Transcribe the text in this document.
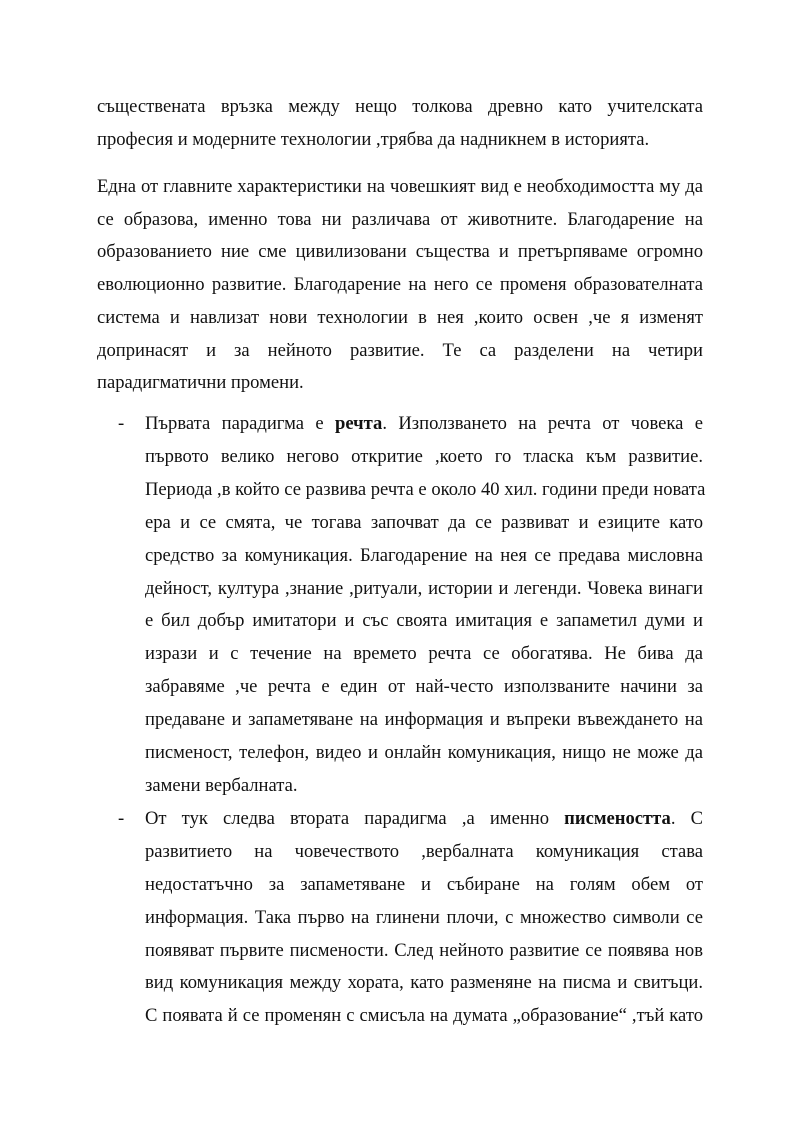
съществената връзка между нещо толкова древно като учителската
професия и модерните технологии ,трябва да надникнем в историята.
Една от главните характеристики на човешкият вид е необходимостта му да
се образова, именно това ни различава от животните. Благодарение на
образованието ние сме цивилизовани същества и претърпяваме огромно
еволюционно развитие. Благодарение на него се променя образователната
система и навлизат нови технологии в нея ,които освен ,че я изменят
допринасят и за нейното развитие. Те са разделени на четири
парадигматични промени.
- Първата парадигма е речта. Използването на речта от човека е
първото велико негово откритие ,което го тласка към развитие.
Периода ,в който се развива речта е около 40 хил. години преди новата
ера и се смята, че тогава започват да се развиват и езиците като
средство за комуникация. Благодарение на нея се предава мисловна
дейност, култура ,знание ,ритуали, истории и легенди. Човека винаги
е бил добър имитатори и със своята имитация е запаметил думи и
изрази и с течение на времето речта се обогатява. Не бива да
забравяме ,че речта е един от най-често използваните начини за
предаване и запаметяване на информация и въпреки въвеждането на
писменост, телефон, видео и онлайн комуникация, нищо не може да
замени вербалната.
- От тук следва втората парадигма ,а именно писмеността. С
развитието на човечеството ,вербалната комуникация става
недостатъчно за запаметяване и събиране на голям обем от
информация. Така първо на глинени плочи, с множество символи се
появяват първите писмености. След нейното развитие се появява нов
вид комуникация между хората, като разменяне на писма и свитъци.
С появата й се променян с смисъла на думата „образование“ ,тъй като
